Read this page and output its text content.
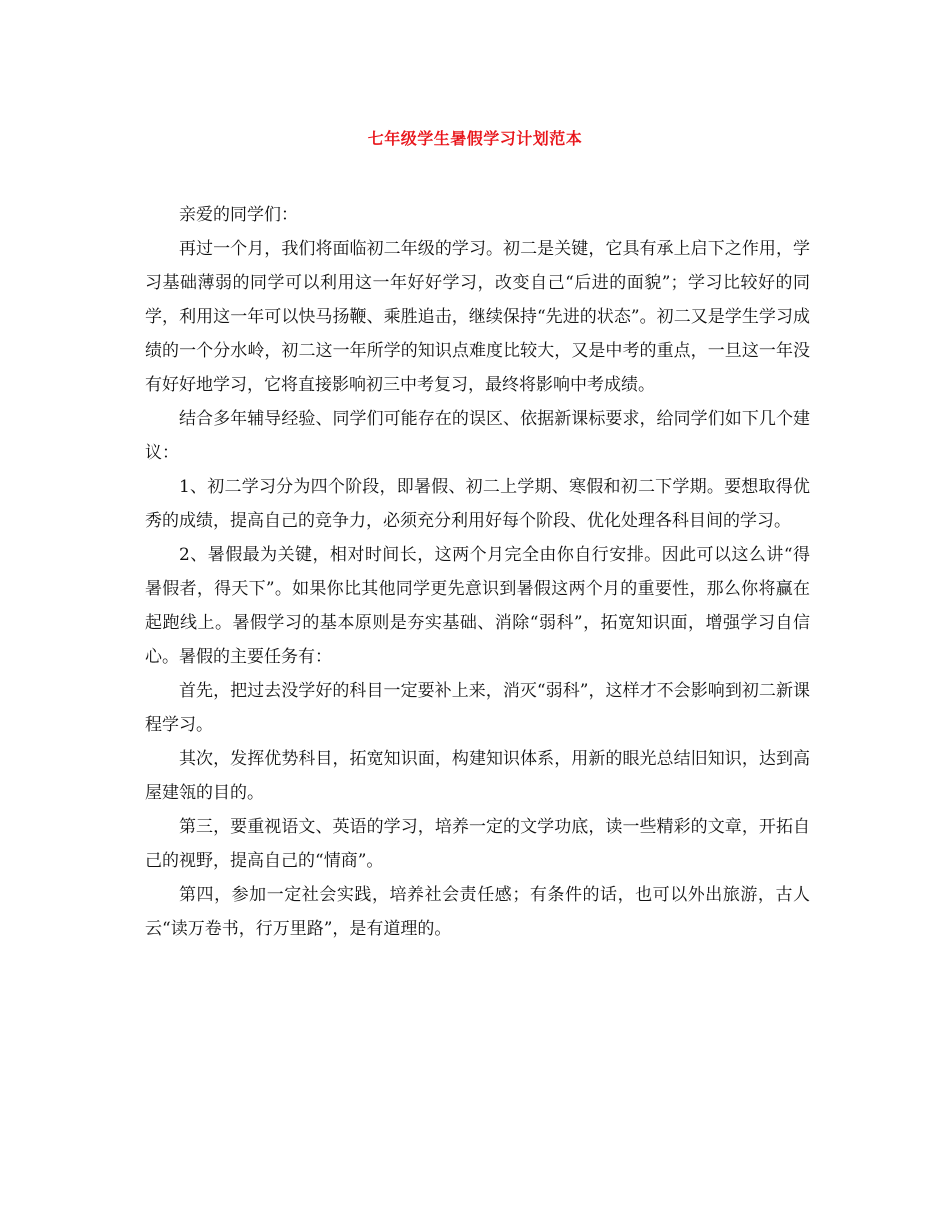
七年级学生暑假学习计划范本

亲爱的同学们：

再过一个月，我们将面临初二年级的学习。初二是关键，它具有承上启下之作用，学习基础薄弱的同学可以利用这一年好好学习，改变自己“后进的面貌”；学习比较好的同学，利用这一年可以快马扬鞭、乘胜追击，继续保持“先进的状态”。初二又是学生学习成绩的一个分水岭，初二这一年所学的知识点难度比较大，又是中考的重点，一旦这一年没有好好地学习，它将直接影响初三中考复习，最终将影响中考成绩。

结合多年辅导经验、同学们可能存在的误区、依据新课标要求，给同学们如下几个建议：

1、初二学习分为四个阶段，即暑假、初二上学期、寒假和初二下学期。要想取得优秀的成绩，提高自己的竞争力，必须充分利用好每个阶段、优化处理各科目间的学习。

2、暑假最为关键，相对时间长，这两个月完全由你自行安排。因此可以这么讲“得暑假者，得天下”。如果你比其他同学更先意识到暑假这两个月的重要性，那么你将赢在起跑线上。暑假学习的基本原则是夯实基础、消除“弱科”，拓宽知识面，增强学习自信心。暑假的主要任务有：

首先，把过去没学好的科目一定要补上来，消灭“弱科”，这样才不会影响到初二新课程学习。

其次，发挥优势科目，拓宽知识面，构建知识体系，用新的眼光总结旧知识，达到高屋建瓴的目的。

第三，要重视语文、英语的学习，培养一定的文学功底，读一些精彩的文章，开拓自己的视野，提高自己的“情商”。

第四，参加一定社会实践，培养社会责任感；有条件的话，也可以外出旅游，古人云“读万卷书，行万里路”，是有道理的。
